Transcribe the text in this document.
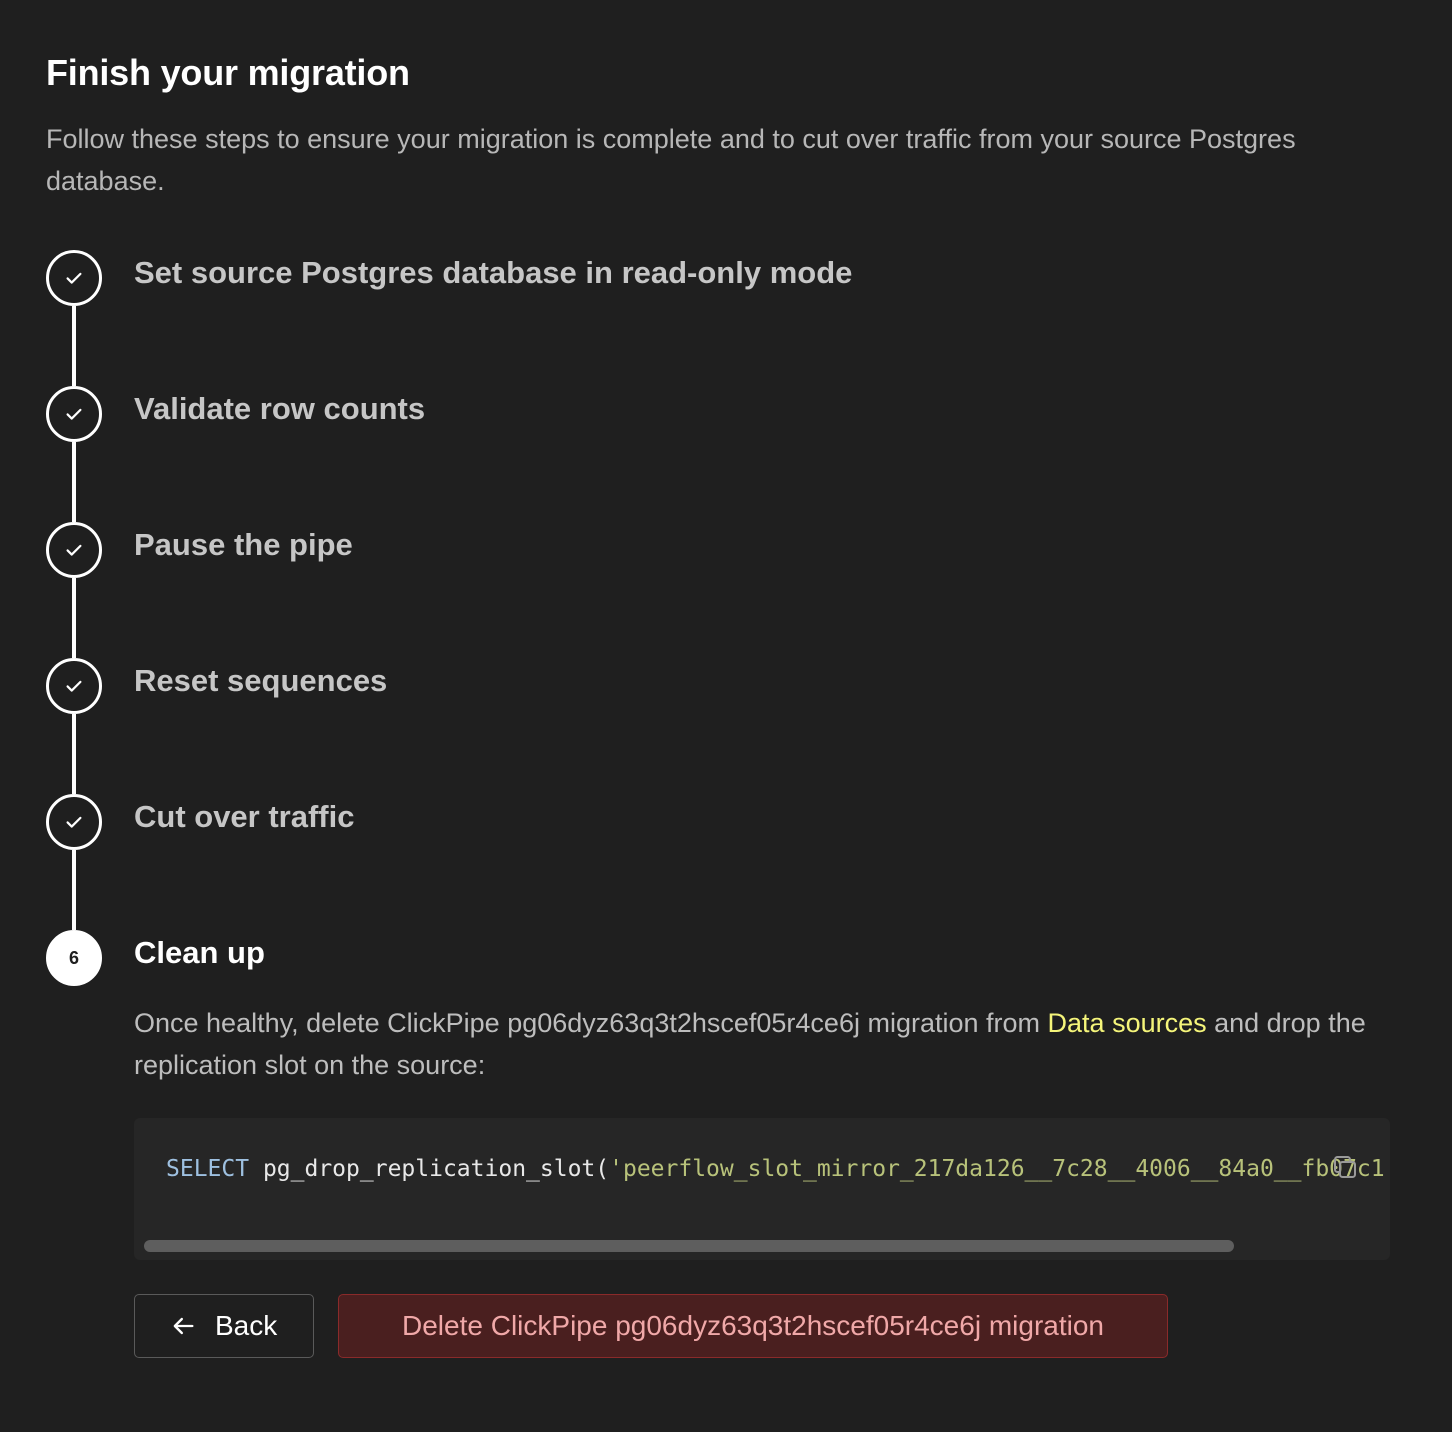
Finish your migration
Follow these steps to ensure your migration is complete and to cut over traffic from your source Postgres database.
Set source Postgres database in read-only mode
Validate row counts
Pause the pipe
Reset sequences
Cut over traffic
6 Clean up
Once healthy, delete ClickPipe pg06dyz63q3t2hscef05r4ce6j migration from Data sources and drop the replication slot on the source:
SELECT pg_drop_replication_slot('peerflow_slot_mirror_217da126__7c28__4006__84a0__fb07c1
Back	Delete ClickPipe pg06dyz63q3t2hscef05r4ce6j migration
